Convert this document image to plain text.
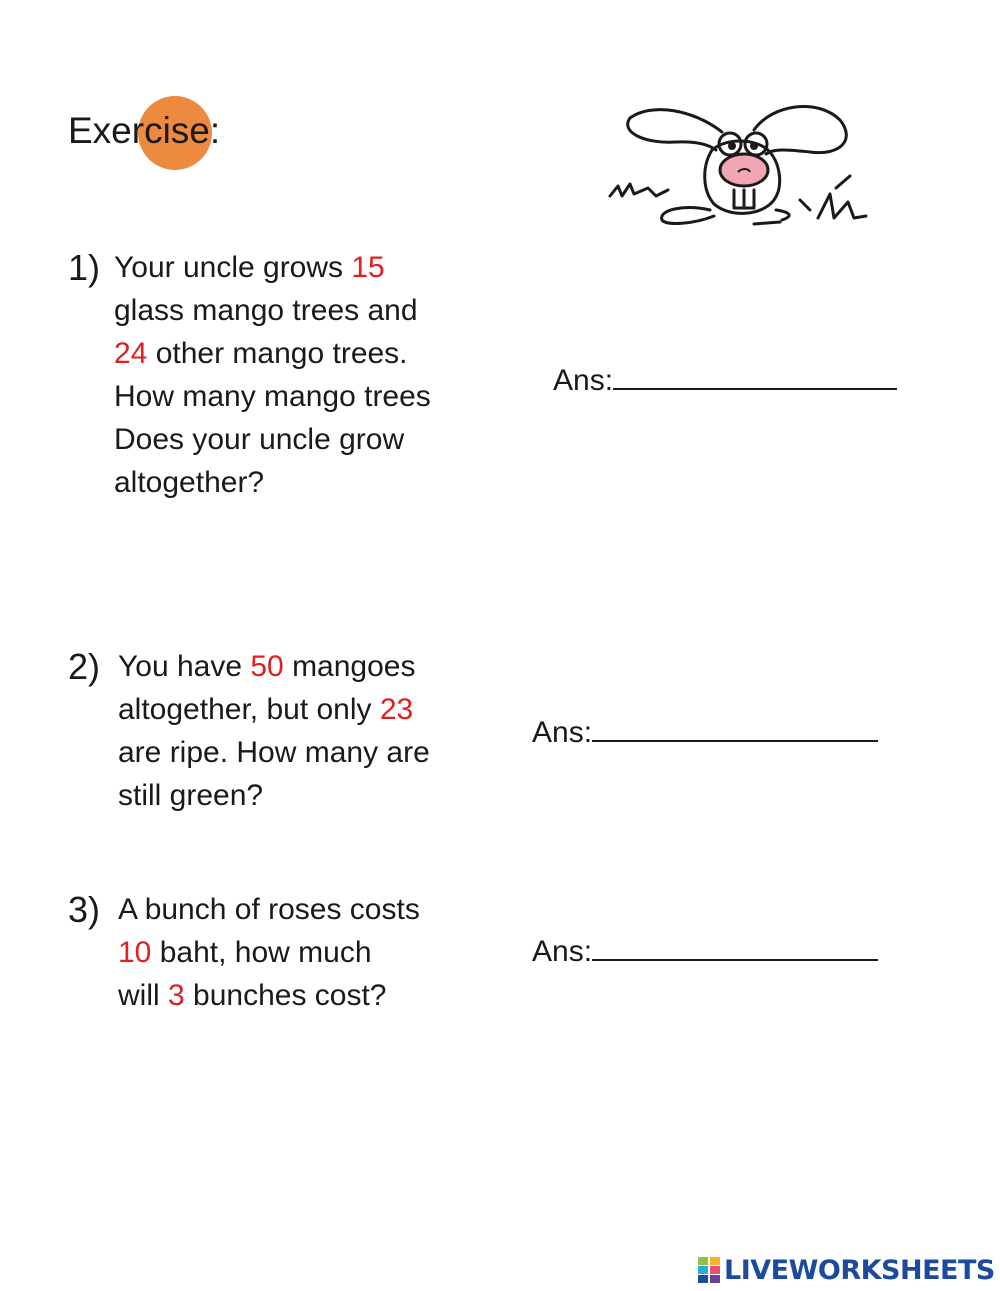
Exercise:
1) Your uncle grows 15
glass mango trees and
24 other mango trees.
How many mango trees
Does your uncle grow
altogether?
Ans:
2) You have 50 mangoes
altogether, but only 23
are ripe. How many are
still green?
Ans:
3) A bunch of roses costs
10 baht, how much
will 3 bunches cost?
Ans:
LIVEWORKSHEETS
